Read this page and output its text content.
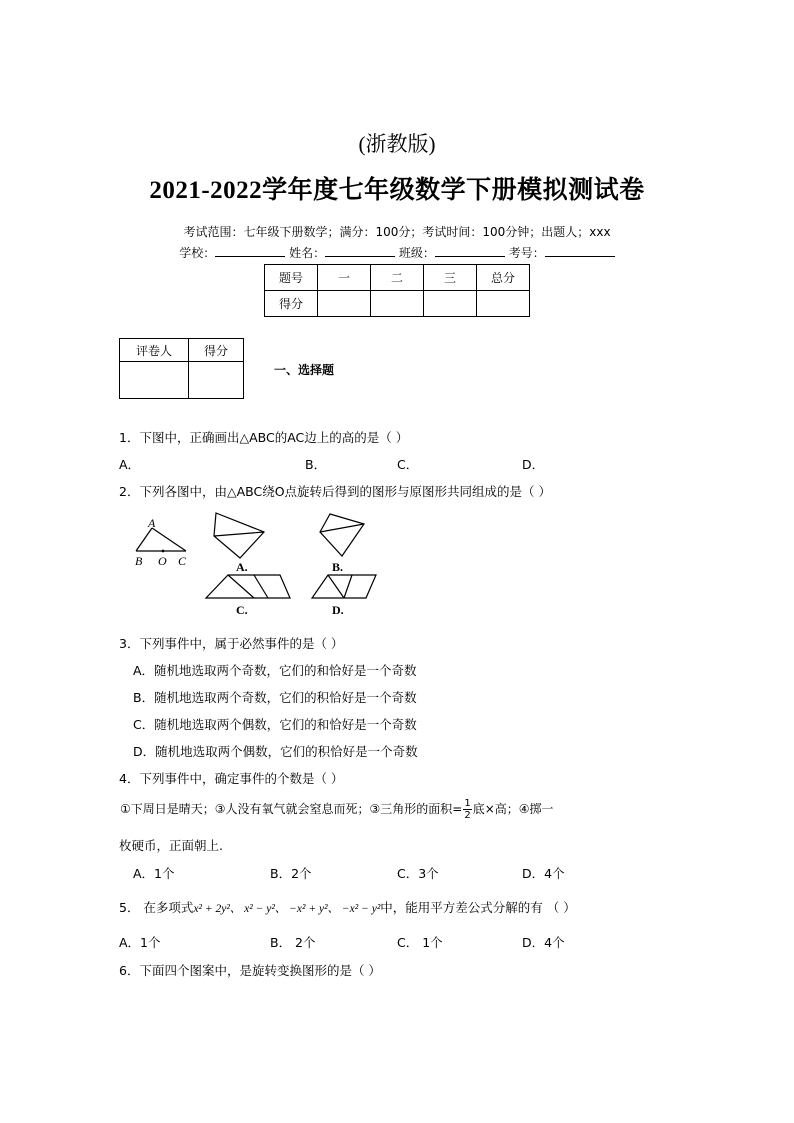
(浙教版)
2021-2022学年度七年级数学下册模拟测试卷
考试范围：七年级下册数学；满分：100分；考试时间：100分钟；出题人；xxx
学校：	姓名：	班级：	考号：
题号	一	二	三	总分
得分				
评卷人	得分

一、选择题
1．下图中，正确画出△ABC的AC边上的高的是（ ）
A．	B．	C．	D．
2．下列各图中，由△ABC绕O点旋转后得到的图形与原图形共同组成的是（ ）
A
B O C	A.	B.
C.	D.
3．下列事件中，属于必然事件的是（ ）
A．随机地选取两个奇数，它们的和恰好是一个奇数
B．随机地选取两个奇数，它们的积恰好是一个奇数
C．随机地选取两个偶数，它们的和恰好是一个奇数
D．随机地选取两个偶数，它们的积恰好是一个奇数
4．下列事件中，确定事件的个数是（ ）
①下周日是晴天；③人没有氧气就会窒息而死；③三角形的面积= $\frac{1}{2}$ 底×高；④掷一
枚硬币，正面朝上.
A．1个	B．2个	C．3个	D．4个
5． 在多项式x² + 2y²、 x² − y²、 −x² + y²、 −x² − y²中，能用平方差公式分解的有 （ ）
A．1个	B． 2个	C． 1个	D．4个
6．下面四个图案中，是旋转变换图形的是（ ）
